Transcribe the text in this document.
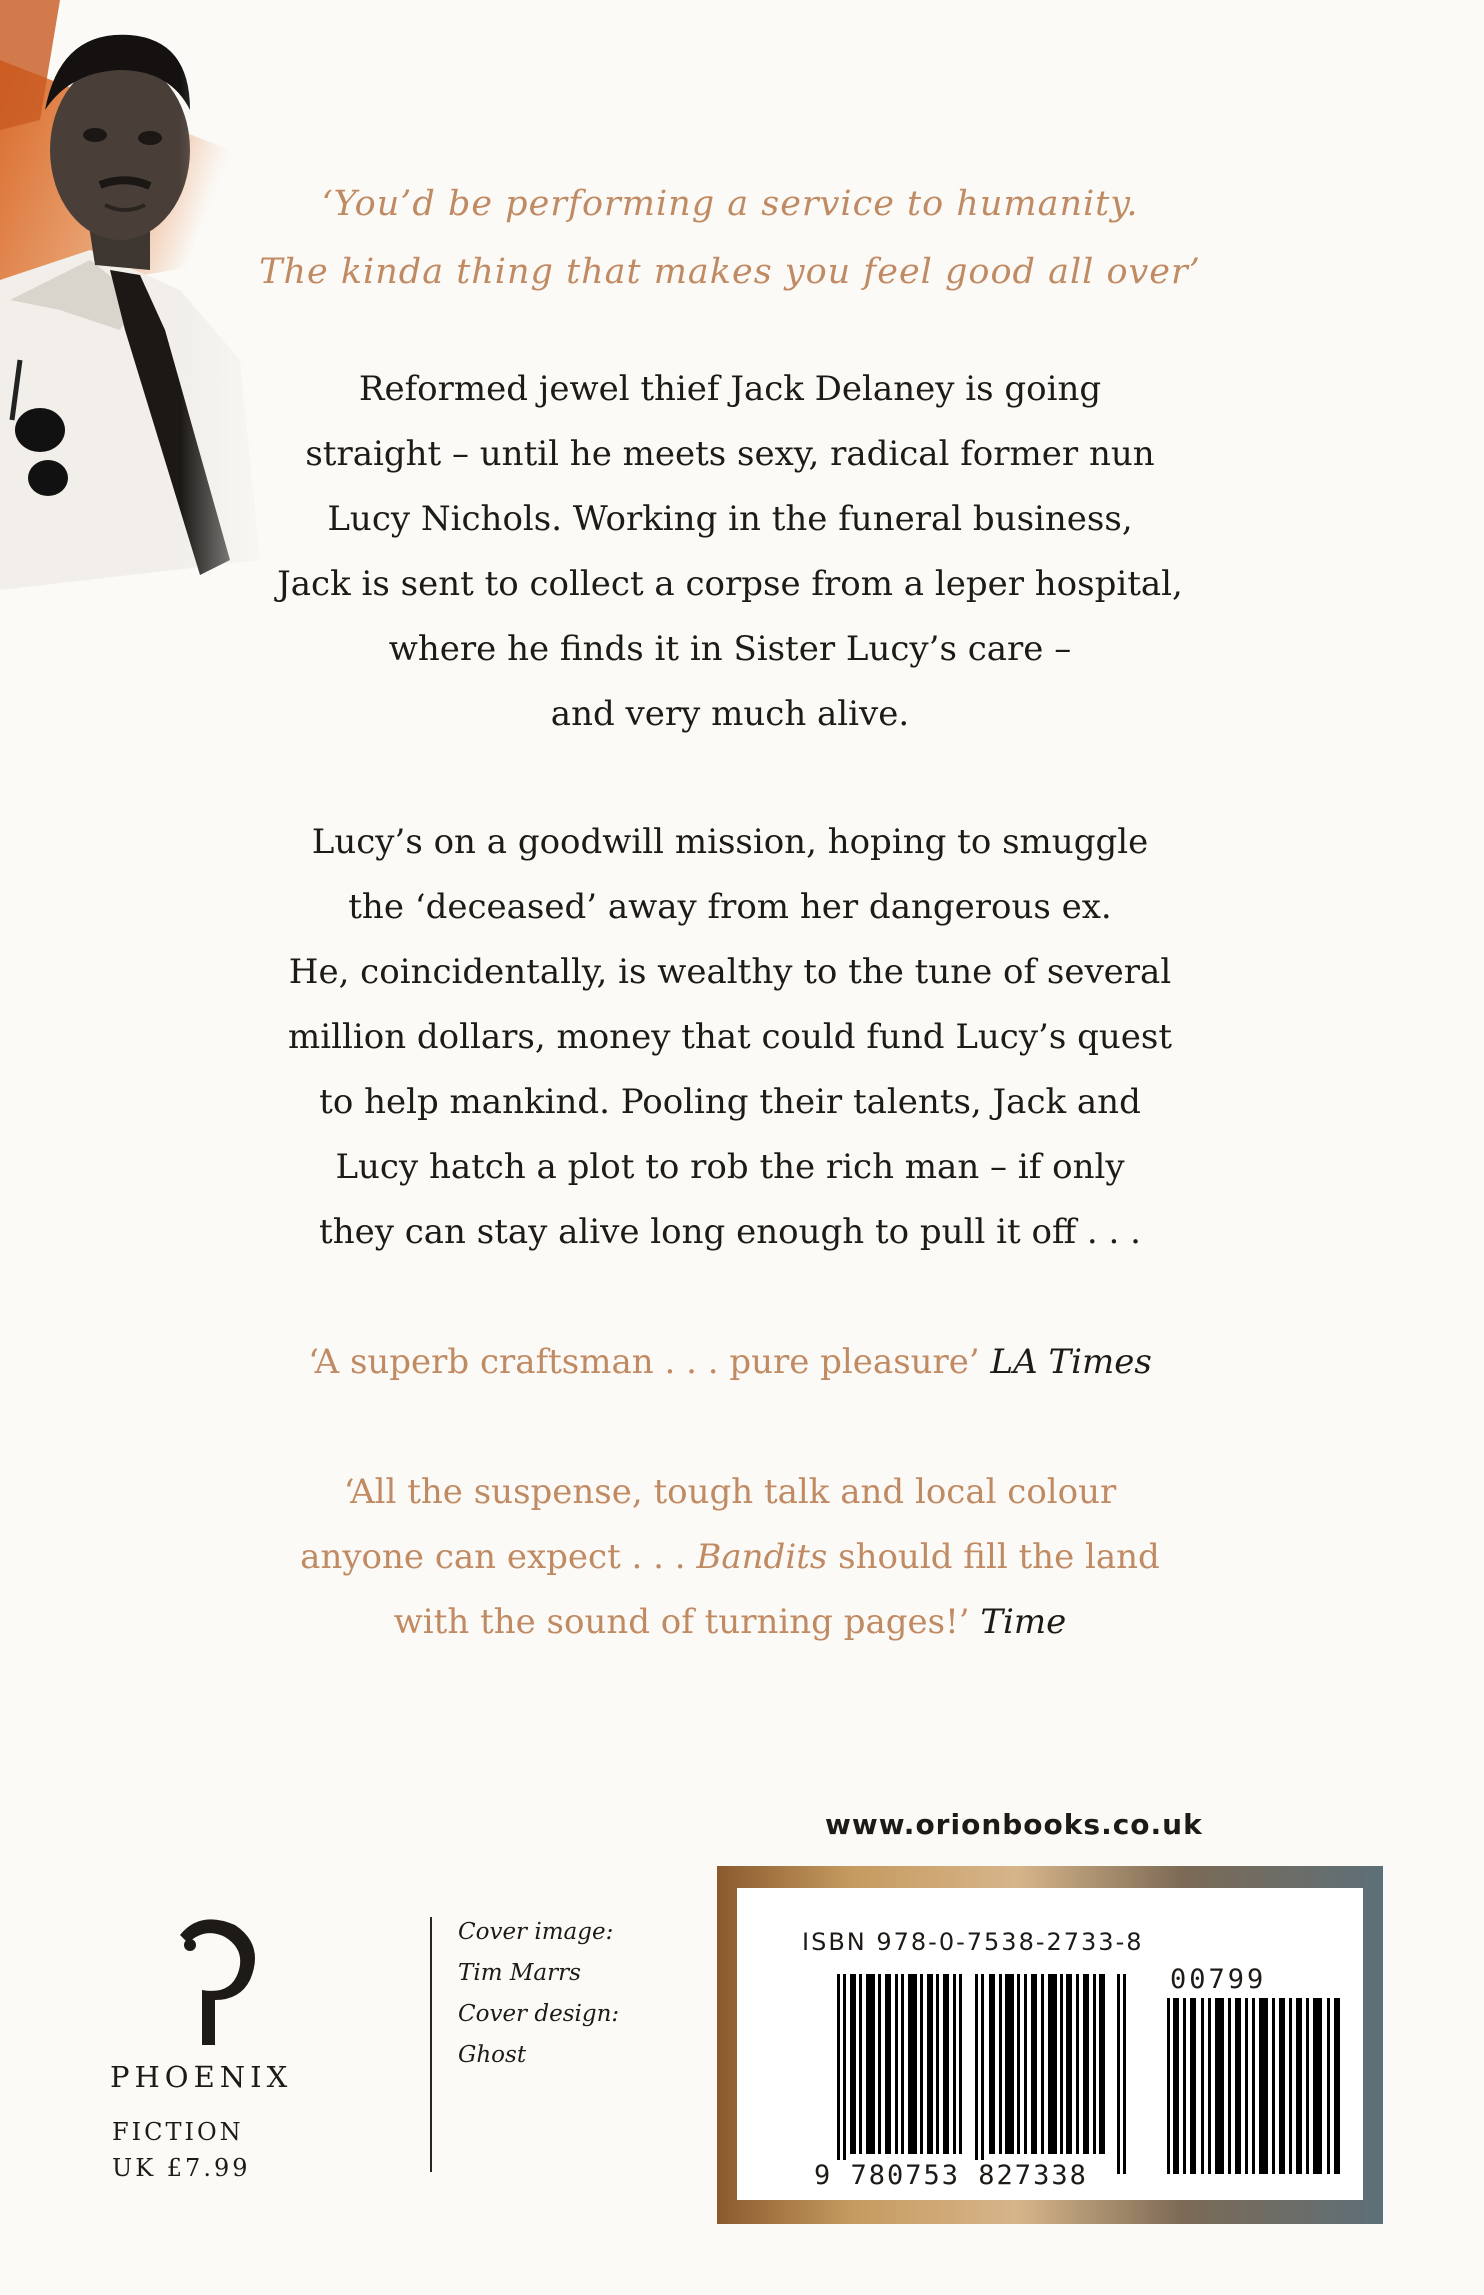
‘You’d be performing a service to humanity.
The kinda thing that makes you feel good all over’
Reformed jewel thief Jack Delaney is going
straight – until he meets sexy, radical former nun
Lucy Nichols. Working in the funeral business,
Jack is sent to collect a corpse from a leper hospital,
where he finds it in Sister Lucy’s care –
and very much alive.
Lucy’s on a goodwill mission, hoping to smuggle
the ‘deceased’ away from her dangerous ex.
He, coincidentally, is wealthy to the tune of several
million dollars, money that could fund Lucy’s quest
to help mankind. Pooling their talents, Jack and
Lucy hatch a plot to rob the rich man – if only
they can stay alive long enough to pull it off . . .
‘A superb craftsman . . . pure pleasure’ LA Times
‘All the suspense, tough talk and local colour
anyone can expect . . . Bandits should fill the land
with the sound of turning pages!’ Time
www.orionbooks.co.uk
ISBN 978-0-7538-2733-8
00799
9 780753 827338
PHOENIX
FICTION
UK £7.99
Cover image:
Tim Marrs
Cover design:
Ghost
